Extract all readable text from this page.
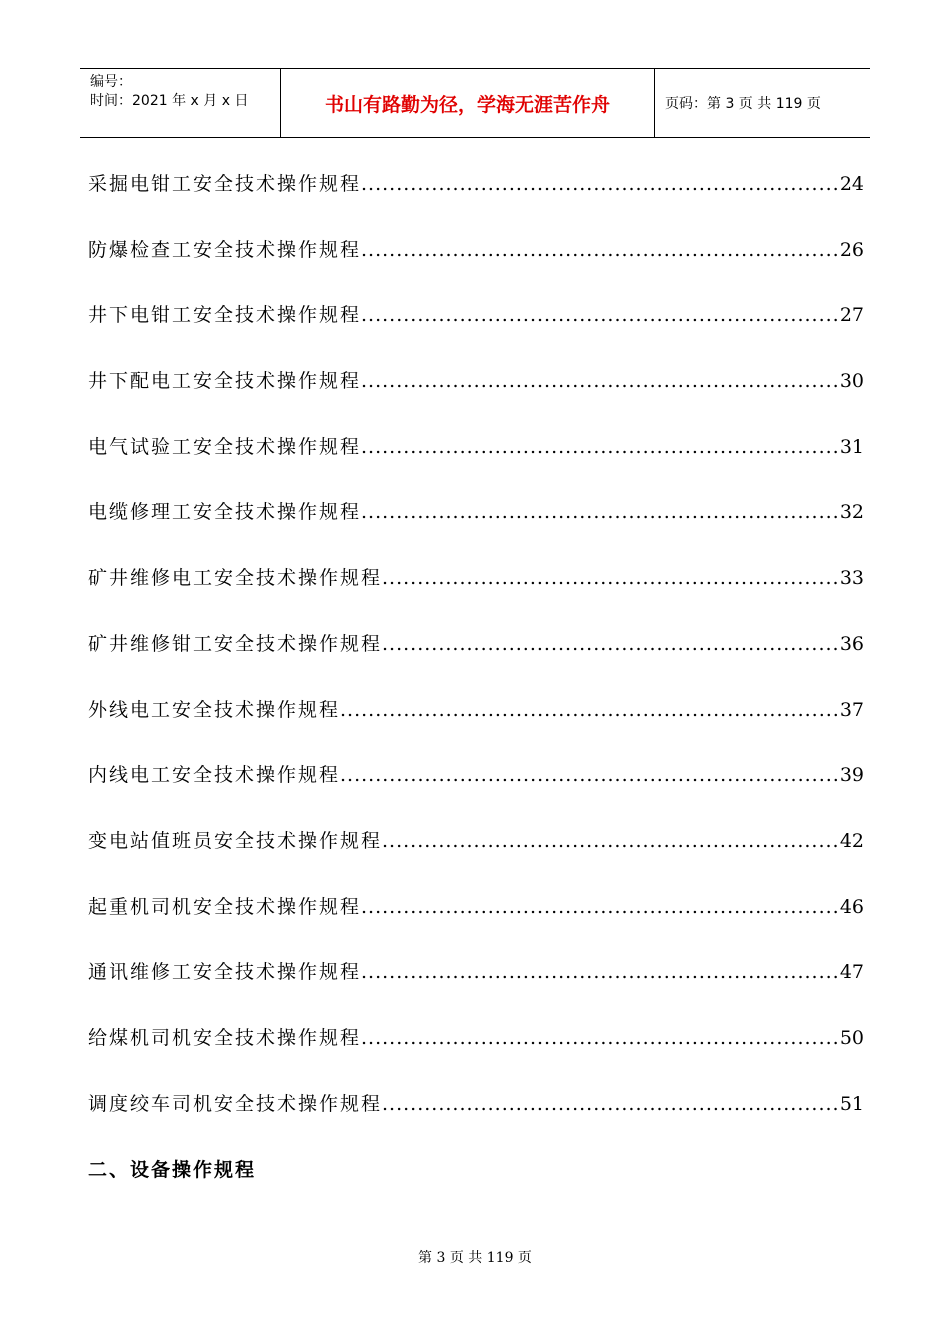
编号：
时间：2021 年 x 月 x 日	书山有路勤为径，学海无涯苦作舟	页码：第 3 页 共 119 页
采掘电钳工安全技术操作规程 .....	24
防爆检查工安全技术操作规程 .....	26
井下电钳工安全技术操作规程 .....	27
井下配电工安全技术操作规程 .....	30
电气试验工安全技术操作规程 .....	31
电缆修理工安全技术操作规程 .....	32
矿井维修电工安全技术操作规程 .....	33
矿井维修钳工安全技术操作规程 .....	36
外线电工安全技术操作规程 .....	37
内线电工安全技术操作规程 .....	39
变电站值班员安全技术操作规程 .....	42
起重机司机安全技术操作规程 .....	46
通讯维修工安全技术操作规程 .....	47
给煤机司机安全技术操作规程 .....	50
调度绞车司机安全技术操作规程 .....	51
二、设备操作规程
第 3 页 共 119 页
